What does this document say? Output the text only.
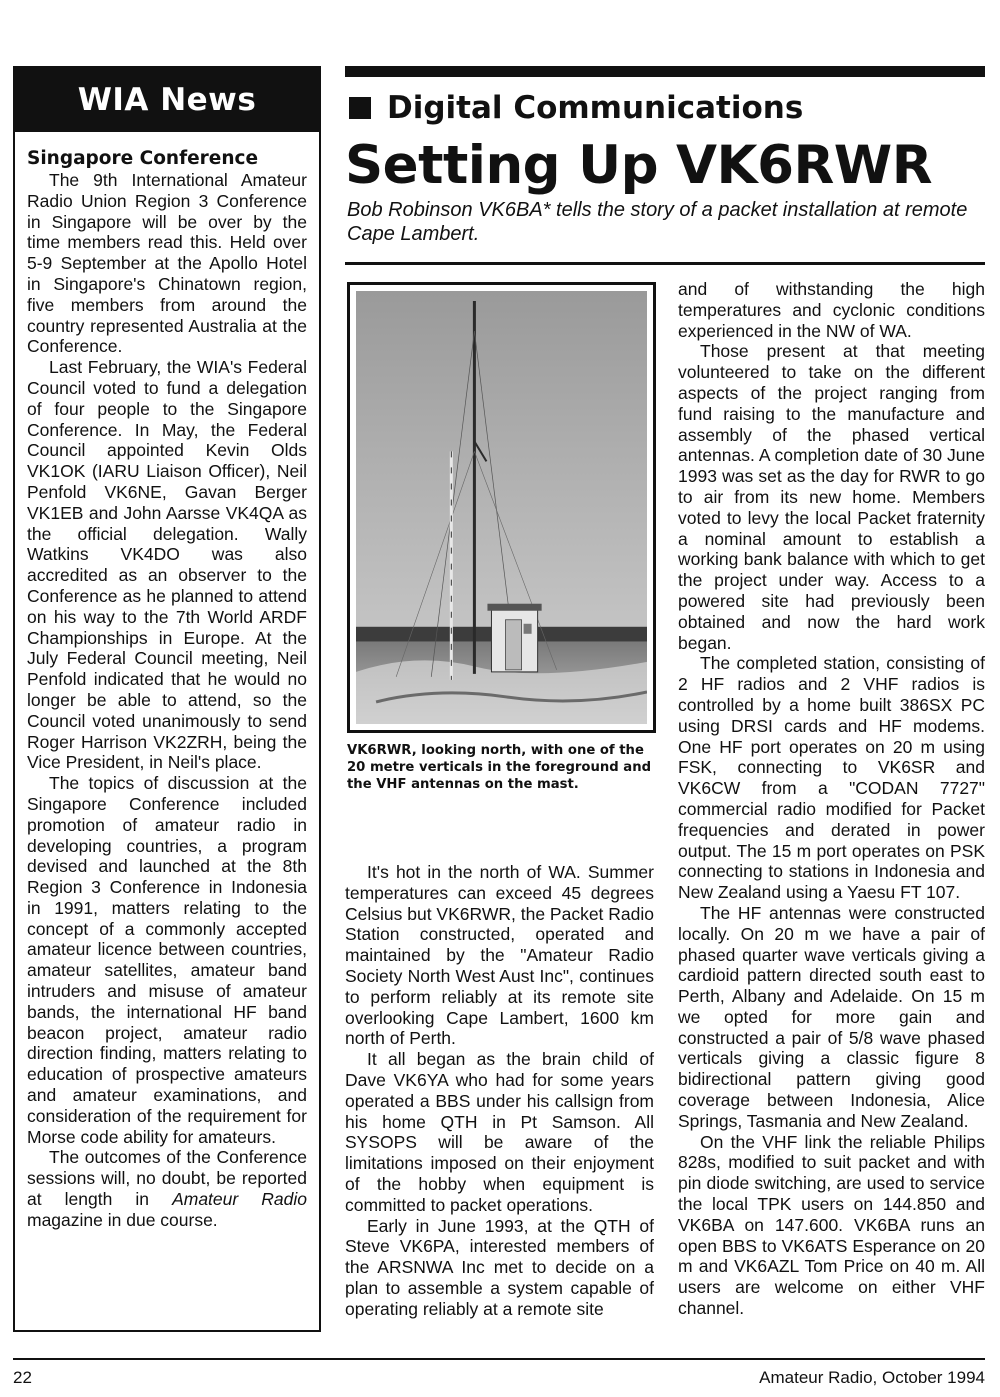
WIA News
Singapore Conference

The 9th International Amateur Radio Union Region 3 Conference in Singapore will be over by the time members read this. Held over 5-9 September at the Apollo Hotel in Singapore's Chinatown region, five members from around the country represented Australia at the Conference.

Last February, the WIA's Federal Council voted to fund a delegation of four people to the Singapore Conference. In May, the Federal Council appointed Kevin Olds VK1OK (IARU Liaison Officer), Neil Penfold VK6NE, Gavan Berger VK1EB and John Aarsse VK4QA as the official delegation. Wally Watkins VK4DO was also accredited as an observer to the Conference as he planned to attend on his way to the 7th World ARDF Championships in Europe. At the July Federal Council meeting, Neil Penfold indicated that he would no longer be able to attend, so the Council voted unanimously to send Roger Harrison VK2ZRH, being the Vice President, in Neil's place.

The topics of discussion at the Singapore Conference included promotion of amateur radio in developing countries, a program devised and launched at the 8th Region 3 Conference in Indonesia in 1991, matters relating to the concept of a commonly accepted amateur licence between countries, amateur satellites, amateur band intruders and misuse of amateur bands, the international HF band beacon project, amateur radio direction finding, matters relating to education of prospective amateurs and amateur examinations, and consideration of the requirement for Morse code ability for amateurs.

The outcomes of the Conference sessions will, no doubt, be reported at length in Amateur Radio magazine in due course.

Digital Communications
Setting Up VK6RWR
Bob Robinson VK6BA* tells the story of a packet installation at remote Cape Lambert.
VK6RWR, looking north, with one of the 20 metre verticals in the foreground and the VHF antennas on the mast.

It's hot in the north of WA. Summer temperatures can exceed 45 degrees Celsius but VK6RWR, the Packet Radio Station constructed, operated and maintained by the "Amateur Radio Society North West Aust Inc", continues to perform reliably at its remote site overlooking Cape Lambert, 1600 km north of Perth.

It all began as the brain child of Dave VK6YA who had for some years operated a BBS under his callsign from his home QTH in Pt Samson. All SYSOPS will be aware of the limitations imposed on their enjoyment of the hobby when equipment is committed to packet operations.

Early in June 1993, at the QTH of Steve VK6PA, interested members of the ARSNWA Inc met to decide on a plan to assemble a system capable of operating reliably at a remote site

and of withstanding the high temperatures and cyclonic conditions experienced in the NW of WA.

Those present at that meeting volunteered to take on the different aspects of the project ranging from fund raising to the manufacture and assembly of the phased vertical antennas. A completion date of 30 June 1993 was set as the day for RWR to go to air from its new home. Members voted to levy the local Packet fraternity a nominal amount to establish a working bank balance with which to get the project under way. Access to a powered site had previously been obtained and now the hard work began.

The completed station, consisting of 2 HF radios and 2 VHF radios is controlled by a home built 386SX PC using DRSI cards and HF modems. One HF port operates on 20 m using FSK, connecting to VK6SR and VK6CW from a "CODAN 7727" commercial radio modified for Packet frequencies and derated in power output. The 15 m port operates on PSK connecting to stations in Indonesia and New Zealand using a Yaesu FT 107.

The HF antennas were constructed locally. On 20 m we have a pair of phased quarter wave verticals giving a cardioid pattern directed south east to Perth, Albany and Adelaide. On 15 m we opted for more gain and constructed a pair of 5/8 wave phased verticals giving a classic figure 8 bidirectional pattern giving good coverage between Indonesia, Alice Springs, Tasmania and New Zealand.

On the VHF link the reliable Philips 828s, modified to suit packet and with pin diode switching, are used to service the local TPK users on 144.850 and VK6BA on 147.600. VK6BA runs an open BBS to VK6ATS Esperance on 20 m and VK6AZL Tom Price on 40 m. All users are welcome on either VHF channel.

22	Amateur Radio, October 1994
